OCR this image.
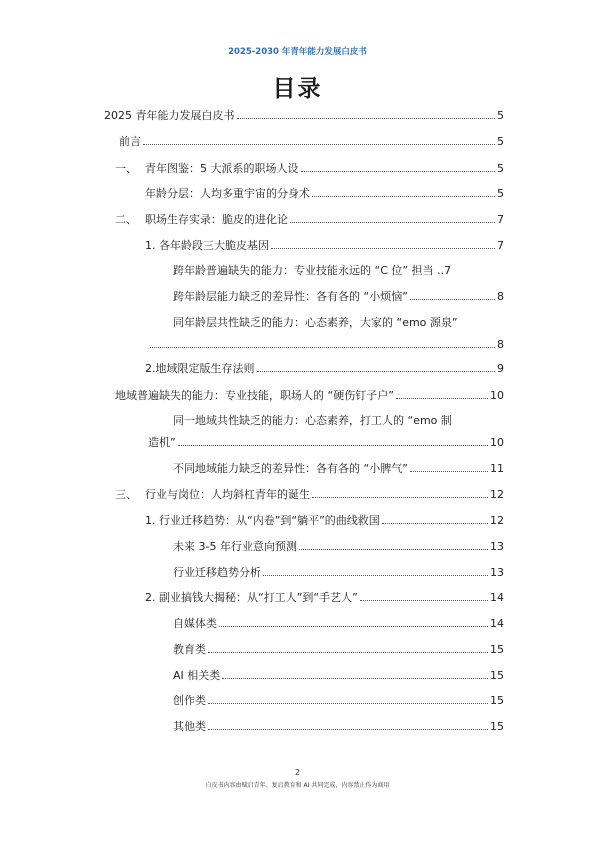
2025-2030 年青年能力发展白皮书
目录
2025 青年能力发展白皮书	5
前言	5
一、 青年图鉴：5 大派系的职场人设	5
年龄分层：人均多重宇宙的分身术	5
二、 职场生存实录：脆皮的进化论	7
1. 各年龄段三大脆皮基因	7
跨年龄普遍缺失的能力：专业技能永远的 “C 位” 担当 .. 7
跨年龄层能力缺乏的差异性：各有各的 “小烦恼”	8
同年龄层共性缺乏的能力：心态素养，大家的 “emo 源泉”
8
2.地域限定版生存法则	9
地域普遍缺失的能力：专业技能，职场人的 “硬伤钉子户”	10
同一地域共性缺乏的能力：心态素养，打工人的 “emo 制
造机”	10
不同地域能力缺乏的差异性：各有各的 “小脾气”	11
三、 行业与岗位：人均斜杠青年的诞生	12
1. 行业迁移趋势：从“内卷”到“躺平”的曲线救国	12
未来 3-5 年行业意向预测	13
行业迁移趋势分析	13
2. 副业搞钱大揭秘：从“打工人”到“手艺人”	14
自媒体类	14
教育类	15
AI 相关类	15
创作类	15
其他类	15
2
白皮书内容由赋启青年、复启教育和 AI 共同完成，内容禁止作为商用
